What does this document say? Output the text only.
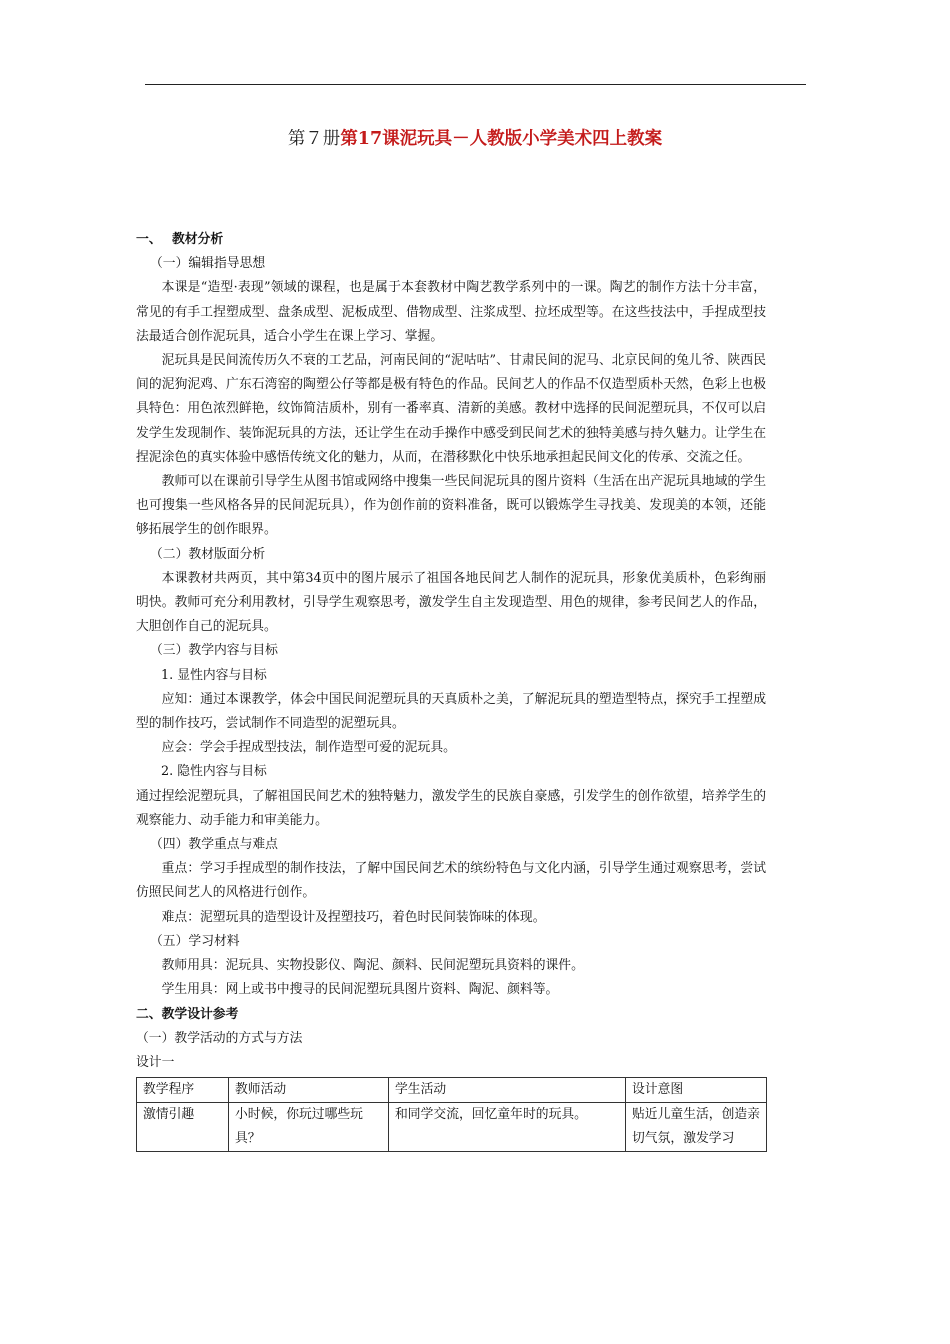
第７册第17课泥玩具－人教版小学美术四上教案

一、 教材分析

（一）编辑指导思想

本课是“造型·表现”领域的课程，也是属于本套教材中陶艺教学系列中的一课。陶艺的制作方法十分丰富，常见的有手工捏塑成型、盘条成型、泥板成型、借物成型、注浆成型、拉坯成型等。在这些技法中，手捏成型技法最适合创作泥玩具，适合小学生在课上学习、掌握。

泥玩具是民间流传历久不衰的工艺品，河南民间的“泥咕咕”、甘肃民间的泥马、北京民间的兔儿爷、陕西民间的泥狗泥鸡、广东石湾窑的陶塑公仔等都是极有特色的作品。民间艺人的作品不仅造型质朴天然，色彩上也极具特色：用色浓烈鲜艳，纹饰简洁质朴，别有一番率真、清新的美感。教材中选择的民间泥塑玩具，不仅可以启发学生发现制作、装饰泥玩具的方法，还让学生在动手操作中感受到民间艺术的独特美感与持久魅力。让学生在捏泥涂色的真实体验中感悟传统文化的魅力，从而，在潜移默化中快乐地承担起民间文化的传承、交流之任。

教师可以在课前引导学生从图书馆或网络中搜集一些民间泥玩具的图片资料（生活在出产泥玩具地域的学生也可搜集一些风格各异的民间泥玩具），作为创作前的资料准备，既可以锻炼学生寻找美、发现美的本领，还能够拓展学生的创作眼界。

（二）教材版面分析

本课教材共两页，其中第34页中的图片展示了祖国各地民间艺人制作的泥玩具，形象优美质朴，色彩绚丽明快。教师可充分利用教材，引导学生观察思考，激发学生自主发现造型、用色的规律，参考民间艺人的作品，大胆创作自己的泥玩具。

（三）教学内容与目标

1. 显性内容与目标

应知：通过本课教学，体会中国民间泥塑玩具的天真质朴之美，了解泥玩具的塑造型特点，探究手工捏塑成型的制作技巧，尝试制作不同造型的泥塑玩具。

应会：学会手捏成型技法，制作造型可爱的泥玩具。

2. 隐性内容与目标

通过捏绘泥塑玩具，了解祖国民间艺术的独特魅力，激发学生的民族自豪感，引发学生的创作欲望，培养学生的观察能力、动手能力和审美能力。

（四）教学重点与难点

重点：学习手捏成型的制作技法，了解中国民间艺术的缤纷特色与文化内涵，引导学生通过观察思考，尝试仿照民间艺人的风格进行创作。

难点：泥塑玩具的造型设计及捏塑技巧，着色时民间装饰味的体现。

（五）学习材料

教师用具：泥玩具、实物投影仪、陶泥、颜料、民间泥塑玩具资料的课件。

学生用具：网上或书中搜寻的民间泥塑玩具图片资料、陶泥、颜料等。

二、教学设计参考

（一）教学活动的方式与方法

设计一

教学程序	教师活动	学生活动	设计意图
激情引趣	小时候，你玩过哪些玩具？	和同学交流，回忆童年时的玩具。	贴近儿童生活，创造亲切气氛，激发学习
